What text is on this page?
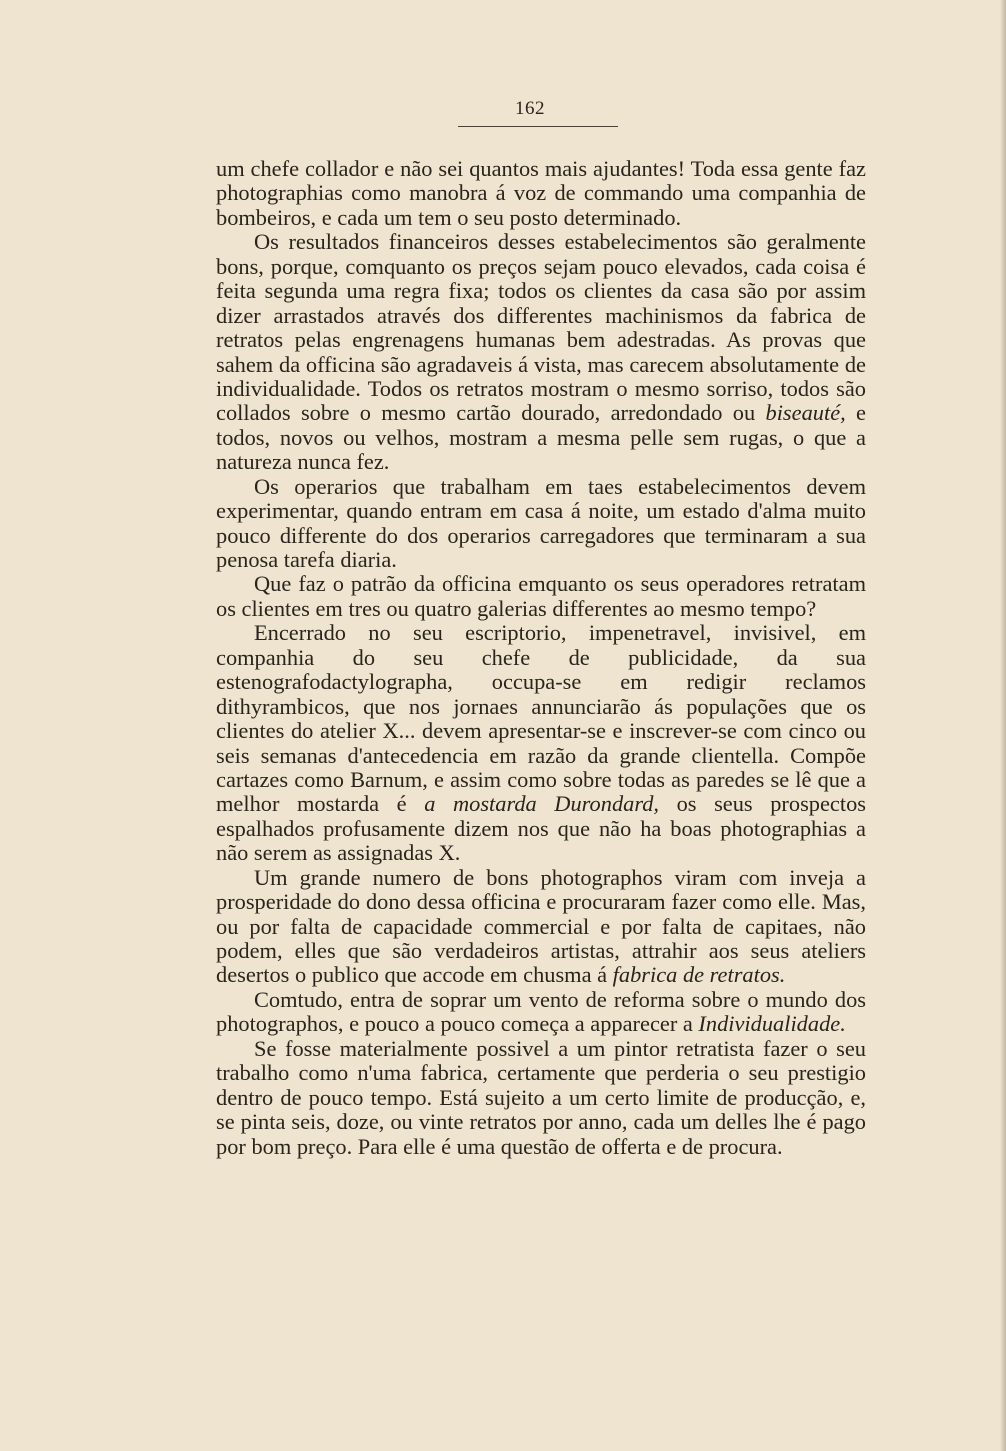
162

um chefe collador e não sei quantos mais ajudantes! Toda essa gente faz photographias como manobra á voz de commando uma companhia de bombeiros, e cada um tem o seu posto determinado.

Os resultados financeiros desses estabelecimentos são geralmente bons, porque, comquanto os preços sejam pouco elevados, cada coisa é feita segunda uma regra fixa; todos os clientes da casa são por assim dizer arrastados através dos differentes machinismos da fabrica de retratos pelas engrenagens humanas bem adestradas. As provas que sahem da officina são agradaveis á vista, mas carecem absolutamente de individualidade. Todos os retratos mostram o mesmo sorriso, todos são collados sobre o mesmo cartão dourado, arredondado ou biseauté, e todos, novos ou velhos, mostram a mesma pelle sem rugas, o que a natureza nunca fez.

Os operarios que trabalham em taes estabelecimentos devem experimentar, quando entram em casa á noite, um estado d'alma muito pouco differente do dos operarios carregadores que terminaram a sua penosa tarefa diaria.

Que faz o patrão da officina emquanto os seus operadores retratam os clientes em tres ou quatro galerias differentes ao mesmo tempo?

Encerrado no seu escriptorio, impenetravel, invisivel, em companhia do seu chefe de publicidade, da sua estenografodactylographa, occupa-se em redigir reclamos dithyrambicos, que nos jornaes annunciarão ás populações que os clientes do atelier X... devem apresentar-se e inscrever-se com cinco ou seis semanas d'antecedencia em razão da grande clientella. Compõe cartazes como Barnum, e assim como sobre todas as paredes se lê que a melhor mostarda é a mostarda Durondard, os seus prospectos espalhados profusamente dizem nos que não ha boas photographias a não serem as assignadas X.

Um grande numero de bons photographos viram com inveja a prosperidade do dono dessa officina e procuraram fazer como elle. Mas, ou por falta de capacidade commercial e por falta de capitaes, não podem, elles que são verdadeiros artistas, attrahir aos seus ateliers desertos o publico que accode em chusma á fabrica de retratos.

Comtudo, entra de soprar um vento de reforma sobre o mundo dos photographos, e pouco a pouco começa a apparecer a Individualidade.

Se fosse materialmente possivel a um pintor retratista fazer o seu trabalho como n'uma fabrica, certamente que perderia o seu prestigio dentro de pouco tempo. Está sujeito a um certo limite de producção, e, se pinta seis, doze, ou vinte retratos por anno, cada um delles lhe é pago por bom preço. Para elle é uma questão de offerta e de procura.
